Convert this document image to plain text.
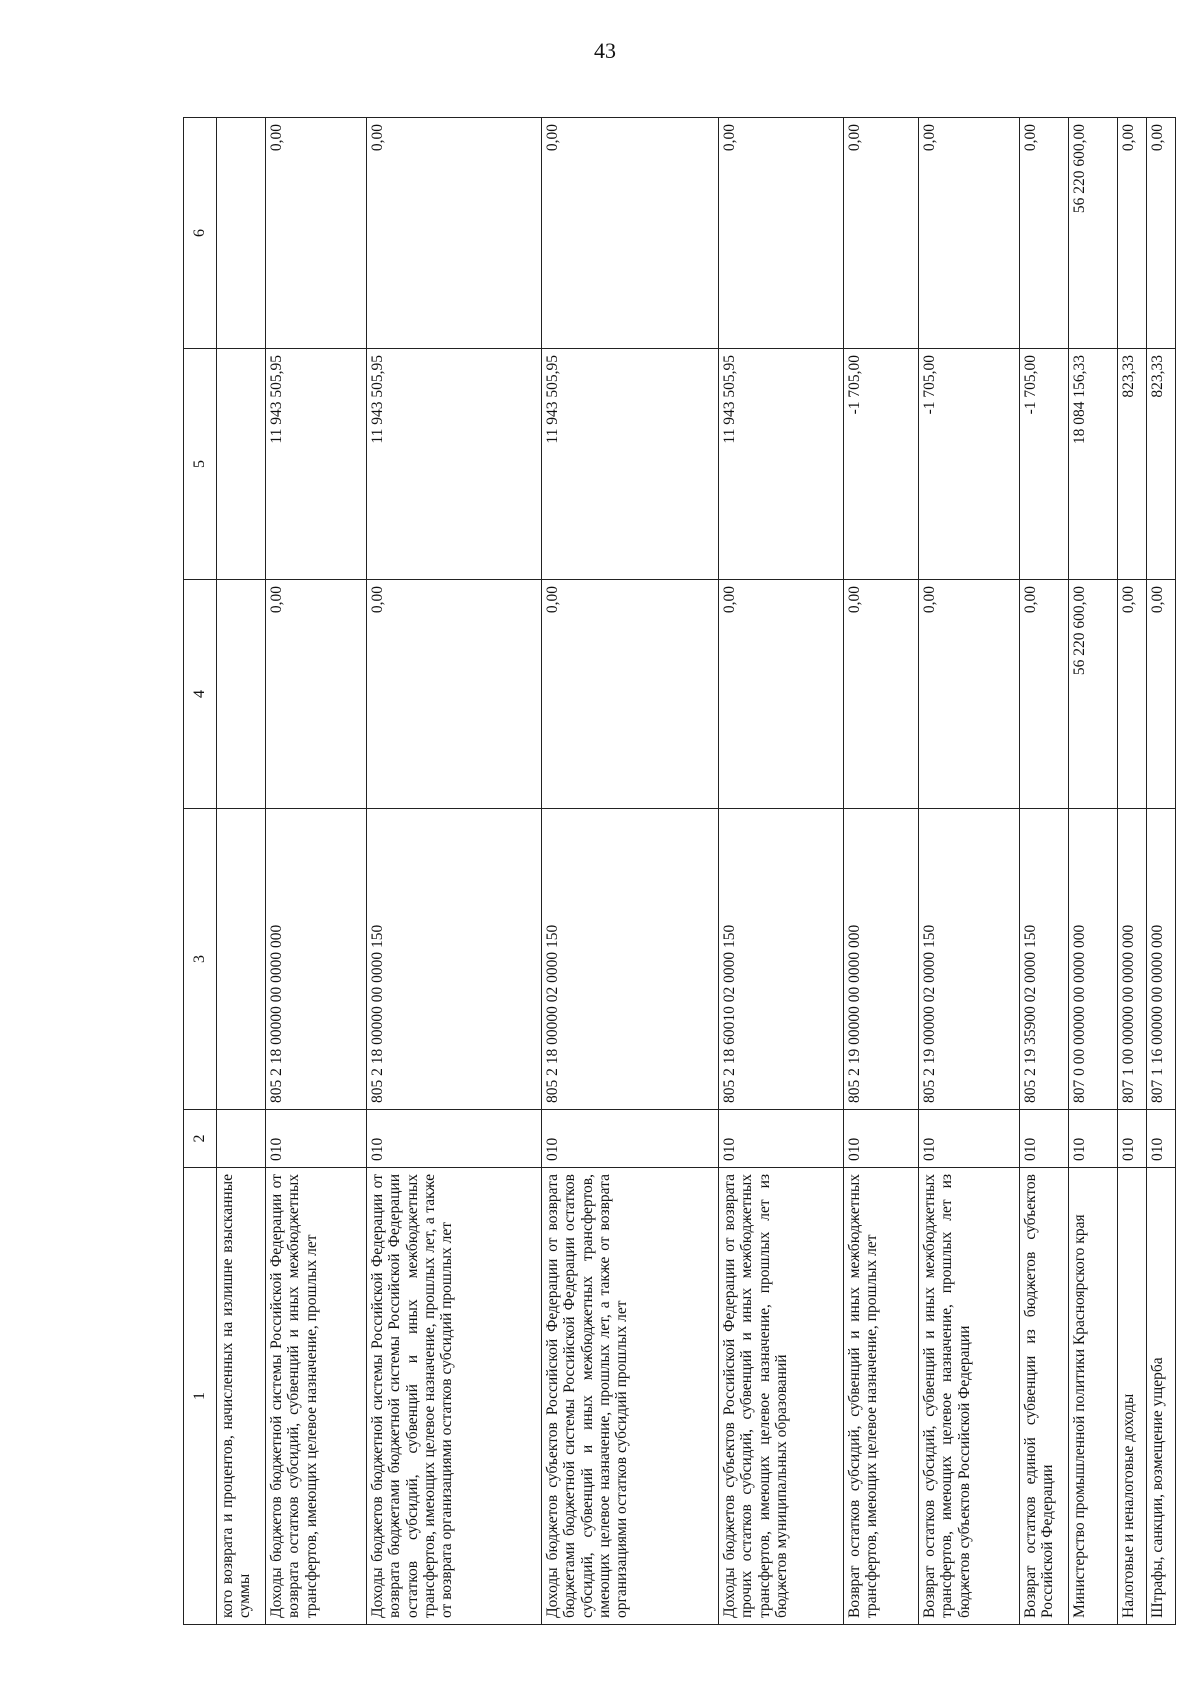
43
1	2	3	4	5	6
кого возврата и процентов, начисленных на излишне взысканные суммы					
Доходы бюджетов бюджетной системы Российской Федерации от возврата остатков субсидий, субвенций и иных межбюджетных трансфертов, имеющих целевое назначение, прошлых лет	010	805 2 18 00000 00 0000 000	0,00	11 943 505,95	0,00
Доходы бюджетов бюджетной системы Российской Федерации от возврата бюджетами бюджетной системы Российской Федерации остатков субсидий, субвенций и иных межбюджетных трансфертов, имеющих целевое назначение, прошлых лет, а также от возврата организациями остатков субсидий прошлых лет	010	805 2 18 00000 00 0000 150	0,00	11 943 505,95	0,00
Доходы бюджетов субъектов Российской Федерации от возврата бюджетами бюджетной системы Российской Федерации остатков субсидий, субвенций и иных межбюджетных трансфертов, имеющих целевое назначение, прошлых лет, а также от возврата организациями остатков субсидий прошлых лет	010	805 2 18 00000 02 0000 150	0,00	11 943 505,95	0,00
Доходы бюджетов субъектов Российской Федерации от возврата прочих остатков субсидий, субвенций и иных межбюджетных трансфертов, имеющих целевое назначение, прошлых лет из бюджетов муниципальных образований	010	805 2 18 60010 02 0000 150	0,00	11 943 505,95	0,00
Возврат остатков субсидий, субвенций и иных межбюджетных трансфертов, имеющих целевое назначение, прошлых лет	010	805 2 19 00000 00 0000 000	0,00	-1 705,00	0,00
Возврат остатков субсидий, субвенций и иных межбюджетных трансфертов, имеющих целевое назначение, прошлых лет из бюджетов субъектов Российской Федерации	010	805 2 19 00000 02 0000 150	0,00	-1 705,00	0,00
Возврат остатков единой субвенции из бюджетов субъектов Российской Федерации	010	805 2 19 35900 02 0000 150	0,00	-1 705,00	0,00
Министерство промышленной политики Красноярского края	010	807 0 00 00000 00 0000 000	56 220 600,00	18 084 156,33	56 220 600,00
Налоговые и неналоговые доходы	010	807 1 00 00000 00 0000 000	0,00	823,33	0,00
Штрафы, санкции, возмещение ущерба	010	807 1 16 00000 00 0000 000	0,00	823,33	0,00
